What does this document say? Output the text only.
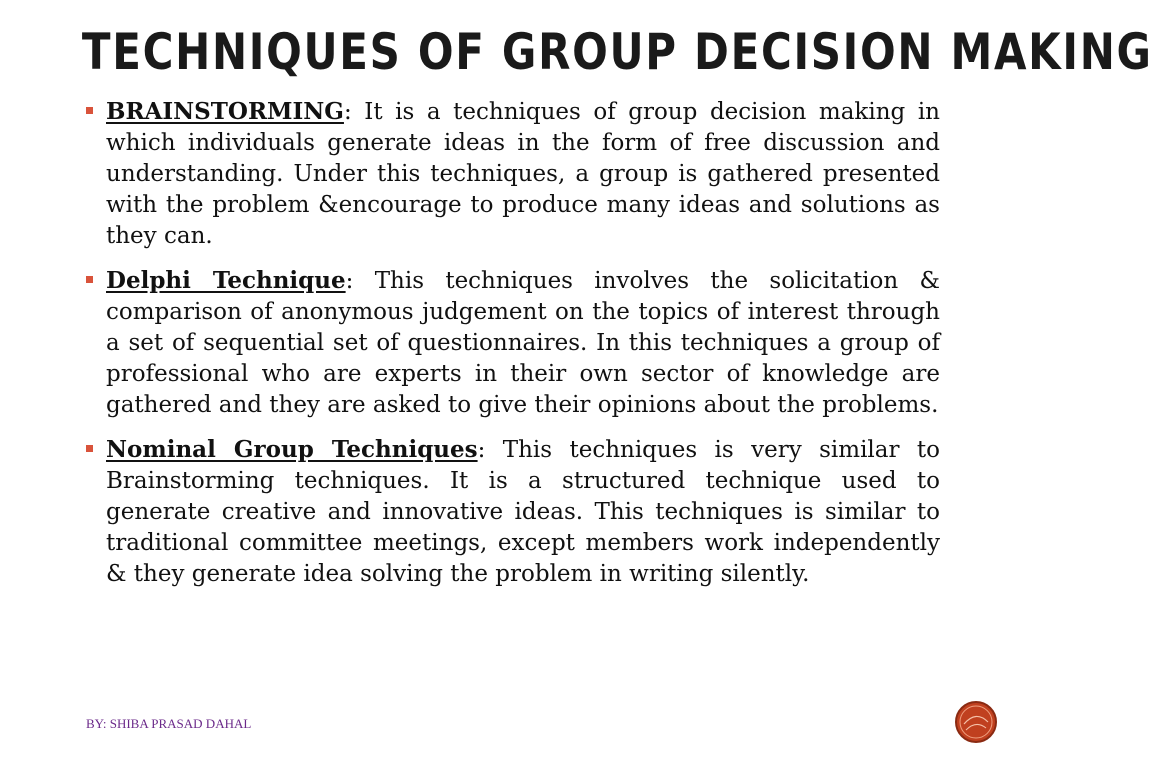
TECHNIQUES OF GROUP DECISION MAKING
BRAINSTORMING: It is a techniques of group decision making in which individuals generate ideas in the form of free discussion and understanding. Under this techniques, a group is gathered presented with the problem &encourage to produce many ideas and solutions as they can.
Delphi Technique: This techniques involves the solicitation & comparison of anonymous judgement on the topics of interest through a set of sequential set of questionnaires. In this techniques a group of professional who are experts in their own sector of knowledge are gathered and they are asked to give their opinions about the problems.
Nominal Group Techniques: This techniques is very similar to Brainstorming techniques. It is a structured technique used to generate creative and innovative ideas. This techniques is similar to traditional committee meetings, except members work independently & they generate idea solving the problem in writing silently.
BY: SHIBA PRASAD DAHAL
